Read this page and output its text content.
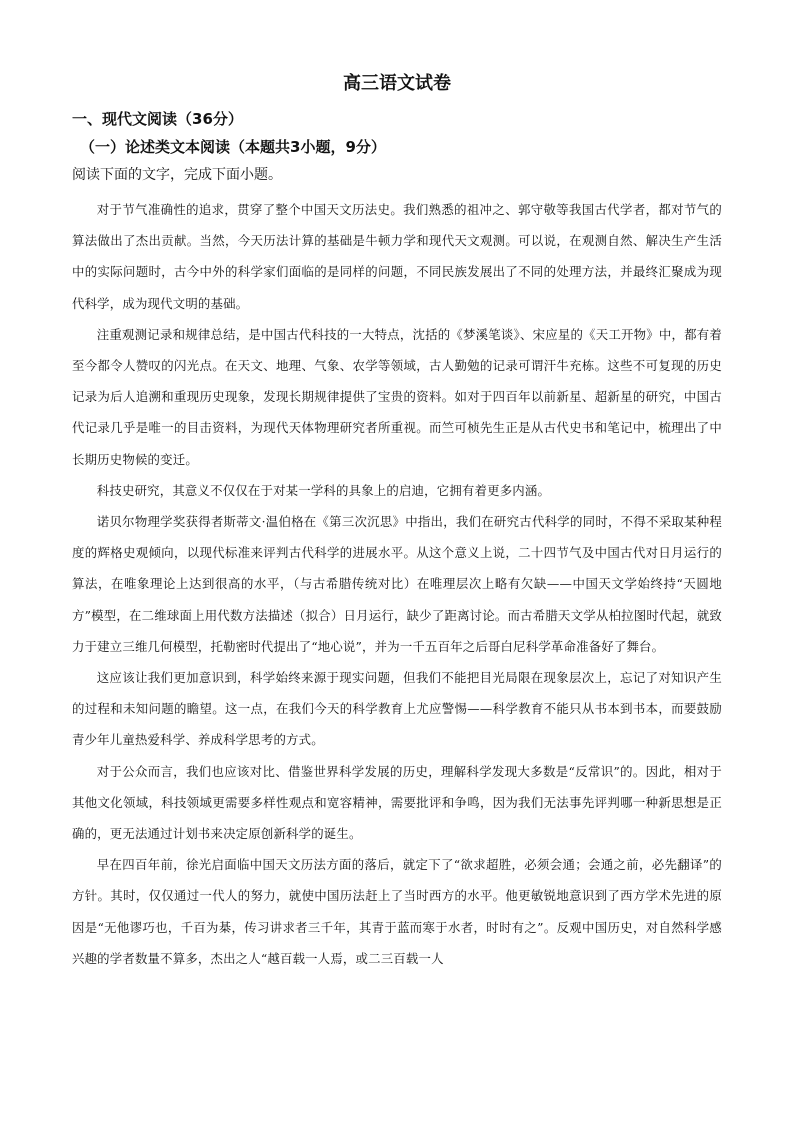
高三语文试卷
一、现代文阅读（36分）
（一）论述类文本阅读（本题共3小题，9分）
阅读下面的文字，完成下面小题。

对于节气准确性的追求，贯穿了整个中国天文历法史。我们熟悉的祖冲之、郭守敬等我国古代学者，都对节气的算法做出了杰出贡献。当然，今天历法计算的基础是牛顿力学和现代天文观测。可以说，在观测自然、解决生产生活中的实际问题时，古今中外的科学家们面临的是同样的问题，不同民族发展出了不同的处理方法，并最终汇聚成为现代科学，成为现代文明的基础。

注重观测记录和规律总结，是中国古代科技的一大特点，沈括的《梦溪笔谈》、宋应星的《天工开物》中，都有着至今都令人赞叹的闪光点。在天文、地理、气象、农学等领域，古人勤勉的记录可谓汗牛充栋。这些不可复现的历史记录为后人追溯和重现历史现象，发现长期规律提供了宝贵的资料。如对于四百年以前新星、超新星的研究，中国古代记录几乎是唯一的目击资料，为现代天体物理研究者所重视。而竺可桢先生正是从古代史书和笔记中，梳理出了中长期历史物候的变迁。

科技史研究，其意义不仅仅在于对某一学科的具象上的启迪，它拥有着更多内涵。

诺贝尔物理学奖获得者斯蒂文·温伯格在《第三次沉思》中指出，我们在研究古代科学的同时，不得不采取某种程度的辉格史观倾向，以现代标准来评判古代科学的进展水平。从这个意义上说，二十四节气及中国古代对日月运行的算法，在唯象理论上达到很高的水平，（与古希腊传统对比）在唯理层次上略有欠缺——中国天文学始终持“天圆地方”模型，在二维球面上用代数方法描述（拟合）日月运行，缺少了距离讨论。而古希腊天文学从柏拉图时代起，就致力于建立三维几何模型，托勒密时代提出了“地心说”，并为一千五百年之后哥白尼科学革命准备好了舞台。

这应该让我们更加意识到，科学始终来源于现实问题，但我们不能把目光局限在现象层次上，忘记了对知识产生的过程和未知问题的瞻望。这一点，在我们今天的科学教育上尤应警惕——科学教育不能只从书本到书本，而要鼓励青少年儿童热爱科学、养成科学思考的方式。

对于公众而言，我们也应该对比、借鉴世界科学发展的历史，理解科学发现大多数是“反常识”的。因此，相对于其他文化领域，科技领域更需要多样性观点和宽容精神，需要批评和争鸣，因为我们无法事先评判哪一种新思想是正确的，更无法通过计划书来决定原创新科学的诞生。

早在四百年前，徐光启面临中国天文历法方面的落后，就定下了“欲求超胜，必须会通；会通之前，必先翻译”的方针。其时，仅仅通过一代人的努力，就使中国历法赶上了当时西方的水平。他更敏锐地意识到了西方学术先进的原因是“无他谬巧也，千百为棊，传习讲求者三千年，其青于蓝而寒于水者，时时有之”。反观中国历史，对自然科学感兴趣的学者数量不算多，杰出之人“越百载一人焉，或二三百载一人
